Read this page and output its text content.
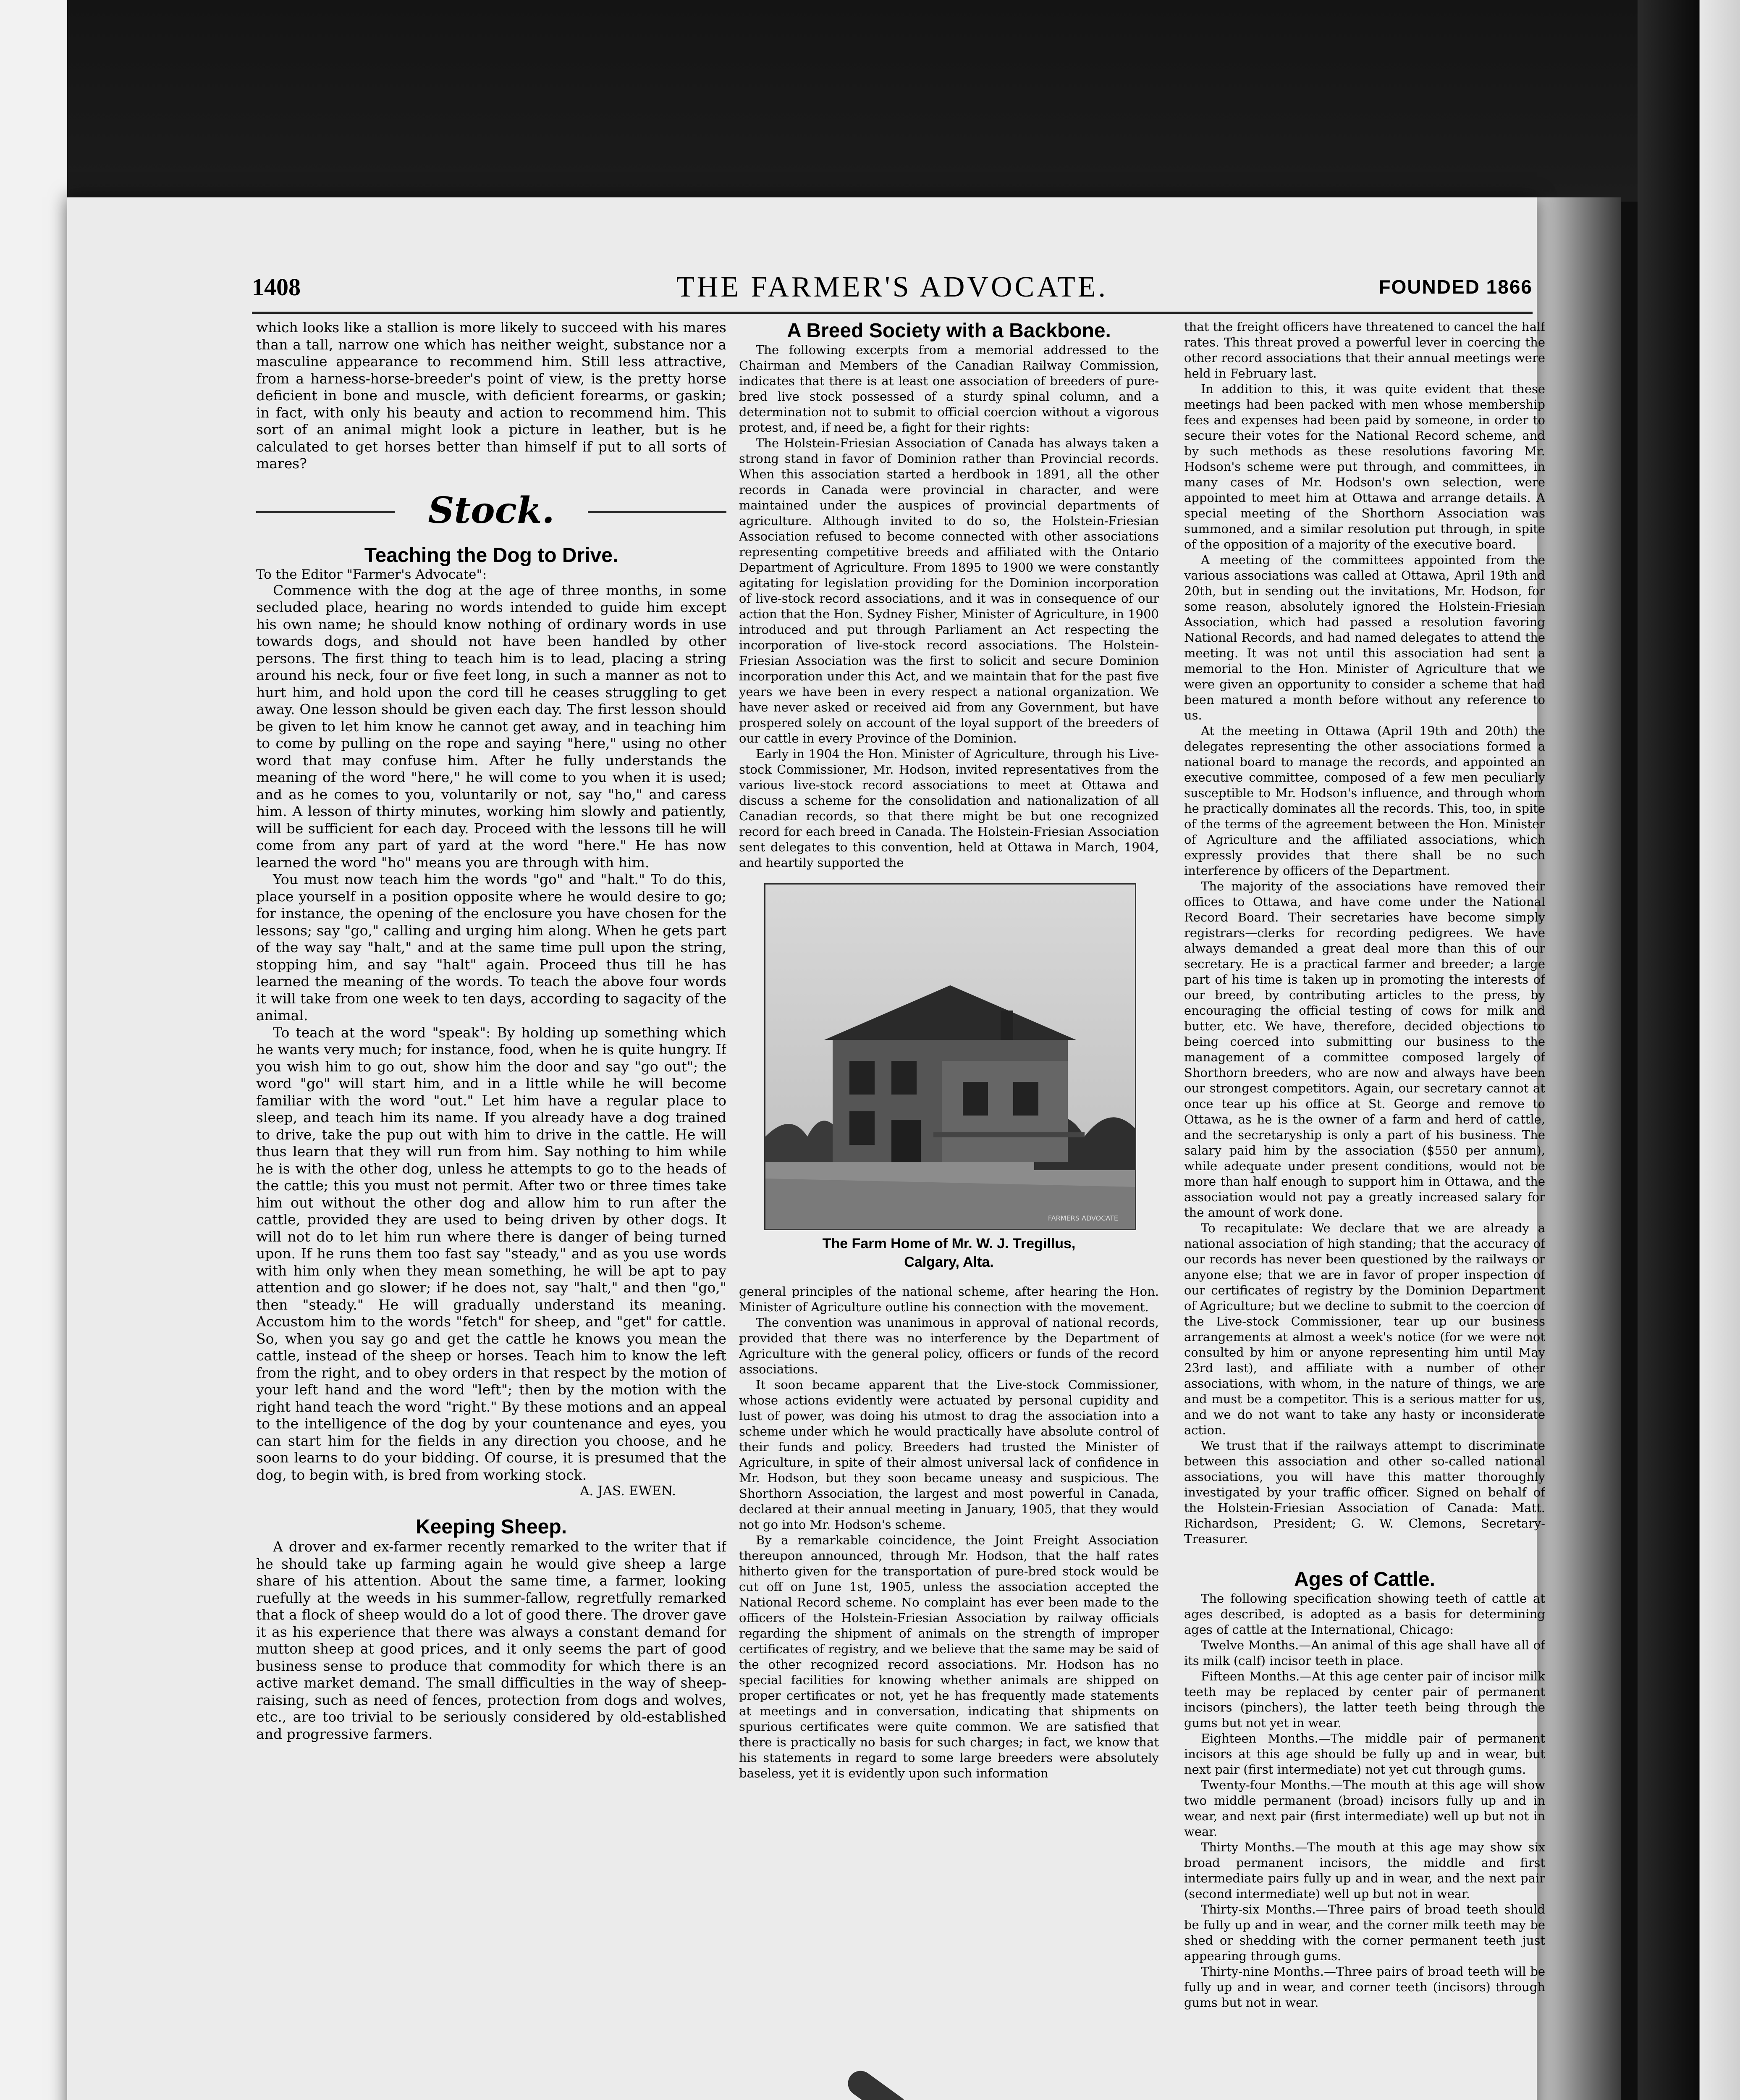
1408	THE FARMER'S ADVOCATE.	FOUNDED 1866

which looks like a stallion is more likely to succeed with his mares than a tall, narrow one which has neither weight, substance nor a masculine appearance to recommend him. Still less attractive, from a harness-horse-breeder's point of view, is the pretty horse deficient in bone and muscle, with deficient forearms, or gaskin; in fact, with only his beauty and action to recommend him. This sort of an animal might look a picture in leather, but is he calculated to get horses better than himself if put to all sorts of mares?

Stock.

Teaching the Dog to Drive.

To the Editor "Farmer's Advocate":

Commence with the dog at the age of three months, in some secluded place, hearing no words intended to guide him except his own name; he should know nothing of ordinary words in use towards dogs, and should not have been handled by other persons. The first thing to teach him is to lead, placing a string around his neck, four or five feet long, in such a manner as not to hurt him, and hold upon the cord till he ceases struggling to get away. One lesson should be given each day. The first lesson should be given to let him know he cannot get away, and in teaching him to come by pulling on the rope and saying "here," using no other word that may confuse him. After he fully understands the meaning of the word "here," he will come to you when it is used; and as he comes to you, voluntarily or not, say "ho," and caress him. A lesson of thirty minutes, working him slowly and patiently, will be sufficient for each day. Proceed with the lessons till he will come from any part of yard at the word "here." He has now learned the word "ho" means you are through with him.

You must now teach him the words "go" and "halt." To do this, place yourself in a position opposite where he would desire to go; for instance, the opening of the enclosure you have chosen for the lessons; say "go," calling and urging him along. When he gets part of the way say "halt," and at the same time pull upon the string, stopping him, and say "halt" again. Proceed thus till he has learned the meaning of the words. To teach the above four words it will take from one week to ten days, according to sagacity of the animal.

To teach at the word "speak": By holding up something which he wants very much; for instance, food, when he is quite hungry. If you wish him to go out, show him the door and say "go out"; the word "go" will start him, and in a little while he will become familiar with the word "out." Let him have a regular place to sleep, and teach him its name. If you already have a dog trained to drive, take the pup out with him to drive in the cattle. He will thus learn that they will run from him. Say nothing to him while he is with the other dog, unless he attempts to go to the heads of the cattle; this you must not permit. After two or three times take him out without the other dog and allow him to run after the cattle, provided they are used to being driven by other dogs. It will not do to let him run where there is danger of being turned upon. If he runs them too fast say "steady," and as you use words with him only when they mean something, he will be apt to pay attention and go slower; if he does not, say "halt," and then "go," then "steady." He will gradually understand its meaning. Accustom him to the words "fetch" for sheep, and "get" for cattle. So, when you say go and get the cattle he knows you mean the cattle, instead of the sheep or horses. Teach him to know the left from the right, and to obey orders in that respect by the motion of your left hand and the word "left"; then by the motion with the right hand teach the word "right." By these motions and an appeal to the intelligence of the dog by your countenance and eyes, you can start him for the fields in any direction you choose, and he soon learns to do your bidding. Of course, it is presumed that the dog, to begin with, is bred from working stock.

A. JAS. EWEN.

Keeping Sheep.

A drover and ex-farmer recently remarked to the writer that if he should take up farming again he would give sheep a large share of his attention. About the same time, a farmer, looking ruefully at the weeds in his summer-fallow, regretfully remarked that a flock of sheep would do a lot of good there. The drover gave it as his experience that there was always a constant demand for mutton sheep at good prices, and it only seems the part of good business sense to produce that commodity for which there is an active market demand. The small difficulties in the way of sheep-raising, such as need of fences, protection from dogs and wolves, etc., are too trivial to be seriously considered by old-established and progressive farmers.

A Breed Society with a Backbone.

The following excerpts from a memorial addressed to the Chairman and Members of the Canadian Railway Commission, indicates that there is at least one association of breeders of pure-bred live stock possessed of a sturdy spinal column, and a determination not to submit to official coercion without a vigorous protest, and, if need be, a fight for their rights:

The Holstein-Friesian Association of Canada has always taken a strong stand in favor of Dominion rather than Provincial records. When this association started a herdbook in 1891, all the other records in Canada were provincial in character, and were maintained under the auspices of provincial departments of agriculture. Although invited to do so, the Holstein-Friesian Association refused to become connected with other associations representing competitive breeds and affiliated with the Ontario Department of Agriculture. From 1895 to 1900 we were constantly agitating for legislation providing for the Dominion incorporation of live-stock record associations, and it was in consequence of our action that the Hon. Sydney Fisher, Minister of Agriculture, in 1900 introduced and put through Parliament an Act respecting the incorporation of live-stock record associations. The Holstein-Friesian Association was the first to solicit and secure Dominion incorporation under this Act, and we maintain that for the past five years we have been in every respect a national organization. We have never asked or received aid from any Government, but have prospered solely on account of the loyal support of the breeders of our cattle in every Province of the Dominion.

Early in 1904 the Hon. Minister of Agriculture, through his Live-stock Commissioner, Mr. Hodson, invited representatives from the various live-stock record associations to meet at Ottawa and discuss a scheme for the consolidation and nationalization of all Canadian records, so that there might be but one recognized record for each breed in Canada. The Holstein-Friesian Association sent delegates to this convention, held at Ottawa in March, 1904, and heartily supported the

FARMERS ADVOCATE
The Farm Home of Mr. W. J. Tregillus,
Calgary, Alta.

general principles of the national scheme, after hearing the Hon. Minister of Agriculture outline his connection with the movement.

The convention was unanimous in approval of national records, provided that there was no interference by the Department of Agriculture with the general policy, officers or funds of the record associations.

It soon became apparent that the Live-stock Commissioner, whose actions evidently were actuated by personal cupidity and lust of power, was doing his utmost to drag the association into a scheme under which he would practically have absolute control of their funds and policy. Breeders had trusted the Minister of Agriculture, in spite of their almost universal lack of confidence in Mr. Hodson, but they soon became uneasy and suspicious. The Shorthorn Association, the largest and most powerful in Canada, declared at their annual meeting in January, 1905, that they would not go into Mr. Hodson's scheme.

By a remarkable coincidence, the Joint Freight Association thereupon announced, through Mr. Hodson, that the half rates hitherto given for the transportation of pure-bred stock would be cut off on June 1st, 1905, unless the association accepted the National Record scheme. No complaint has ever been made to the officers of the Holstein-Friesian Association by railway officials regarding the shipment of animals on the strength of improper certificates of registry, and we believe that the same may be said of the other recognized record associations. Mr. Hodson has no special facilities for knowing whether animals are shipped on proper certificates or not, yet he has frequently made statements at meetings and in conversation, indicating that shipments on spurious certificates were quite common. We are satisfied that there is practically no basis for such charges; in fact, we know that his statements in regard to some large breeders were absolutely baseless, yet it is evidently upon such information

that the freight officers have threatened to cancel the half rates. This threat proved a powerful lever in coercing the other record associations that their annual meetings were held in February last.

In addition to this, it was quite evident that these meetings had been packed with men whose membership fees and expenses had been paid by someone, in order to secure their votes for the National Record scheme, and by such methods as these resolutions favoring Mr. Hodson's scheme were put through, and committees, in many cases of Mr. Hodson's own selection, were appointed to meet him at Ottawa and arrange details. A special meeting of the Shorthorn Association was summoned, and a similar resolution put through, in spite of the opposition of a majority of the executive board.

A meeting of the committees appointed from the various associations was called at Ottawa, April 19th and 20th, but in sending out the invitations, Mr. Hodson, for some reason, absolutely ignored the Holstein-Friesian Association, which had passed a resolution favoring National Records, and had named delegates to attend the meeting. It was not until this association had sent a memorial to the Hon. Minister of Agriculture that we were given an opportunity to consider a scheme that had been matured a month before without any reference to us.

At the meeting in Ottawa (April 19th and 20th) the delegates representing the other associations formed a national board to manage the records, and appointed an executive committee, composed of a few men peculiarly susceptible to Mr. Hodson's influence, and through whom he practically dominates all the records. This, too, in spite of the terms of the agreement between the Hon. Minister of Agriculture and the affiliated associations, which expressly provides that there shall be no such interference by officers of the Department.

The majority of the associations have removed their offices to Ottawa, and have come under the National Record Board. Their secretaries have become simply registrars—clerks for recording pedigrees. We have always demanded a great deal more than this of our secretary. He is a practical farmer and breeder; a large part of his time is taken up in promoting the interests of our breed, by contributing articles to the press, by encouraging the official testing of cows for milk and butter, etc. We have, therefore, decided objections to being coerced into submitting our business to the management of a committee composed largely of Shorthorn breeders, who are now and always have been our strongest competitors. Again, our secretary cannot at once tear up his office at St. George and remove to Ottawa, as he is the owner of a farm and herd of cattle, and the secretaryship is only a part of his business. The salary paid him by the association ($550 per annum), while adequate under present conditions, would not be more than half enough to support him in Ottawa, and the association would not pay a greatly increased salary for the amount of work done.

To recapitulate: We declare that we are already a national association of high standing; that the accuracy of our records has never been questioned by the railways or anyone else; that we are in favor of proper inspection of our certificates of registry by the Dominion Department of Agriculture; but we decline to submit to the coercion of the Live-stock Commissioner, tear up our business arrangements at almost a week's notice (for we were not consulted by him or anyone representing him until May 23rd last), and affiliate with a number of other associations, with whom, in the nature of things, we are and must be a competitor. This is a serious matter for us, and we do not want to take any hasty or inconsiderate action.

We trust that if the railways attempt to discriminate between this association and other so-called national associations, you will have this matter thoroughly investigated by your traffic officer. Signed on behalf of the Holstein-Friesian Association of Canada: Matt. Richardson, President; G. W. Clemons, Secretary-Treasurer.

Ages of Cattle.

The following specification showing teeth of cattle at ages described, is adopted as a basis for determining ages of cattle at the International, Chicago:

Twelve Months.—An animal of this age shall have all of its milk (calf) incisor teeth in place.

Fifteen Months.—At this age center pair of incisor milk teeth may be replaced by center pair of permanent incisors (pinchers), the latter teeth being through the gums but not yet in wear.

Eighteen Months.—The middle pair of permanent incisors at this age should be fully up and in wear, but next pair (first intermediate) not yet cut through gums.

Twenty-four Months.—The mouth at this age will show two middle permanent (broad) incisors fully up and in wear, and next pair (first intermediate) well up but not in wear.

Thirty Months.—The mouth at this age may show six broad permanent incisors, the middle and first intermediate pairs fully up and in wear, and the next pair (second intermediate) well up but not in wear.

Thirty-six Months.—Three pairs of broad teeth should be fully up and in wear, and the corner milk teeth may be shed or shedding with the corner permanent teeth just appearing through gums.

Thirty-nine Months.—Three pairs of broad teeth will be fully up and in wear, and corner teeth (incisors) through gums but not in wear.
